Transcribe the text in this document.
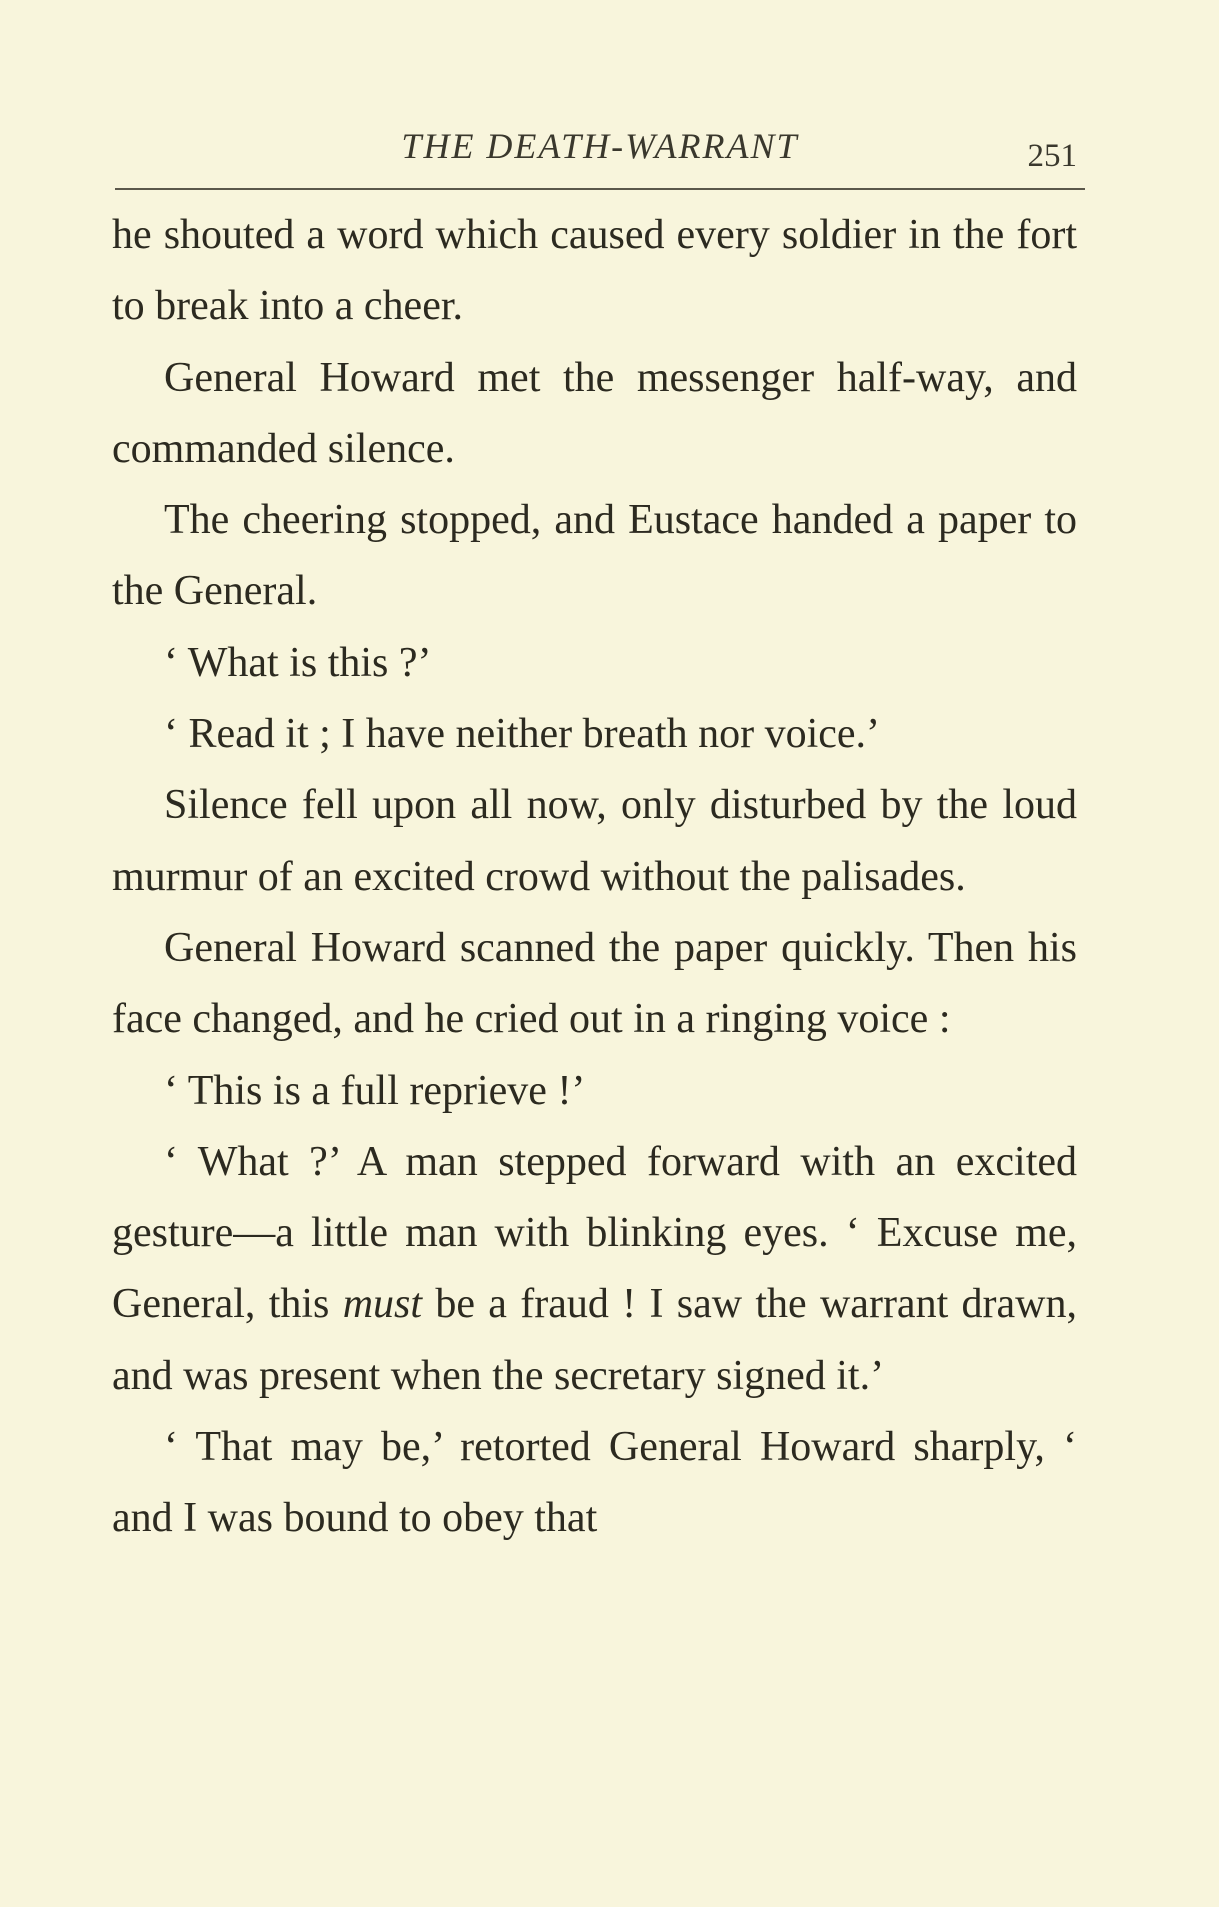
THE DEATH-WARRANT	251

he shouted a word which caused every soldier in the fort to break into a cheer.

General Howard met the messenger half-way, and commanded silence.

The cheering stopped, and Eustace handed a paper to the General.

‘ What is this ?’

‘ Read it ; I have neither breath nor voice.’

Silence fell upon all now, only disturbed by the loud murmur of an excited crowd without the palisades.

General Howard scanned the paper quickly. Then his face changed, and he cried out in a ringing voice :

‘ This is a full reprieve !’

‘ What ?’ A man stepped forward with an excited gesture—a little man with blinking eyes. ‘ Excuse me, General, this must be a fraud ! I saw the warrant drawn, and was present when the secretary signed it.’

‘ That may be,’ retorted General Howard sharply, ‘ and I was bound to obey that
